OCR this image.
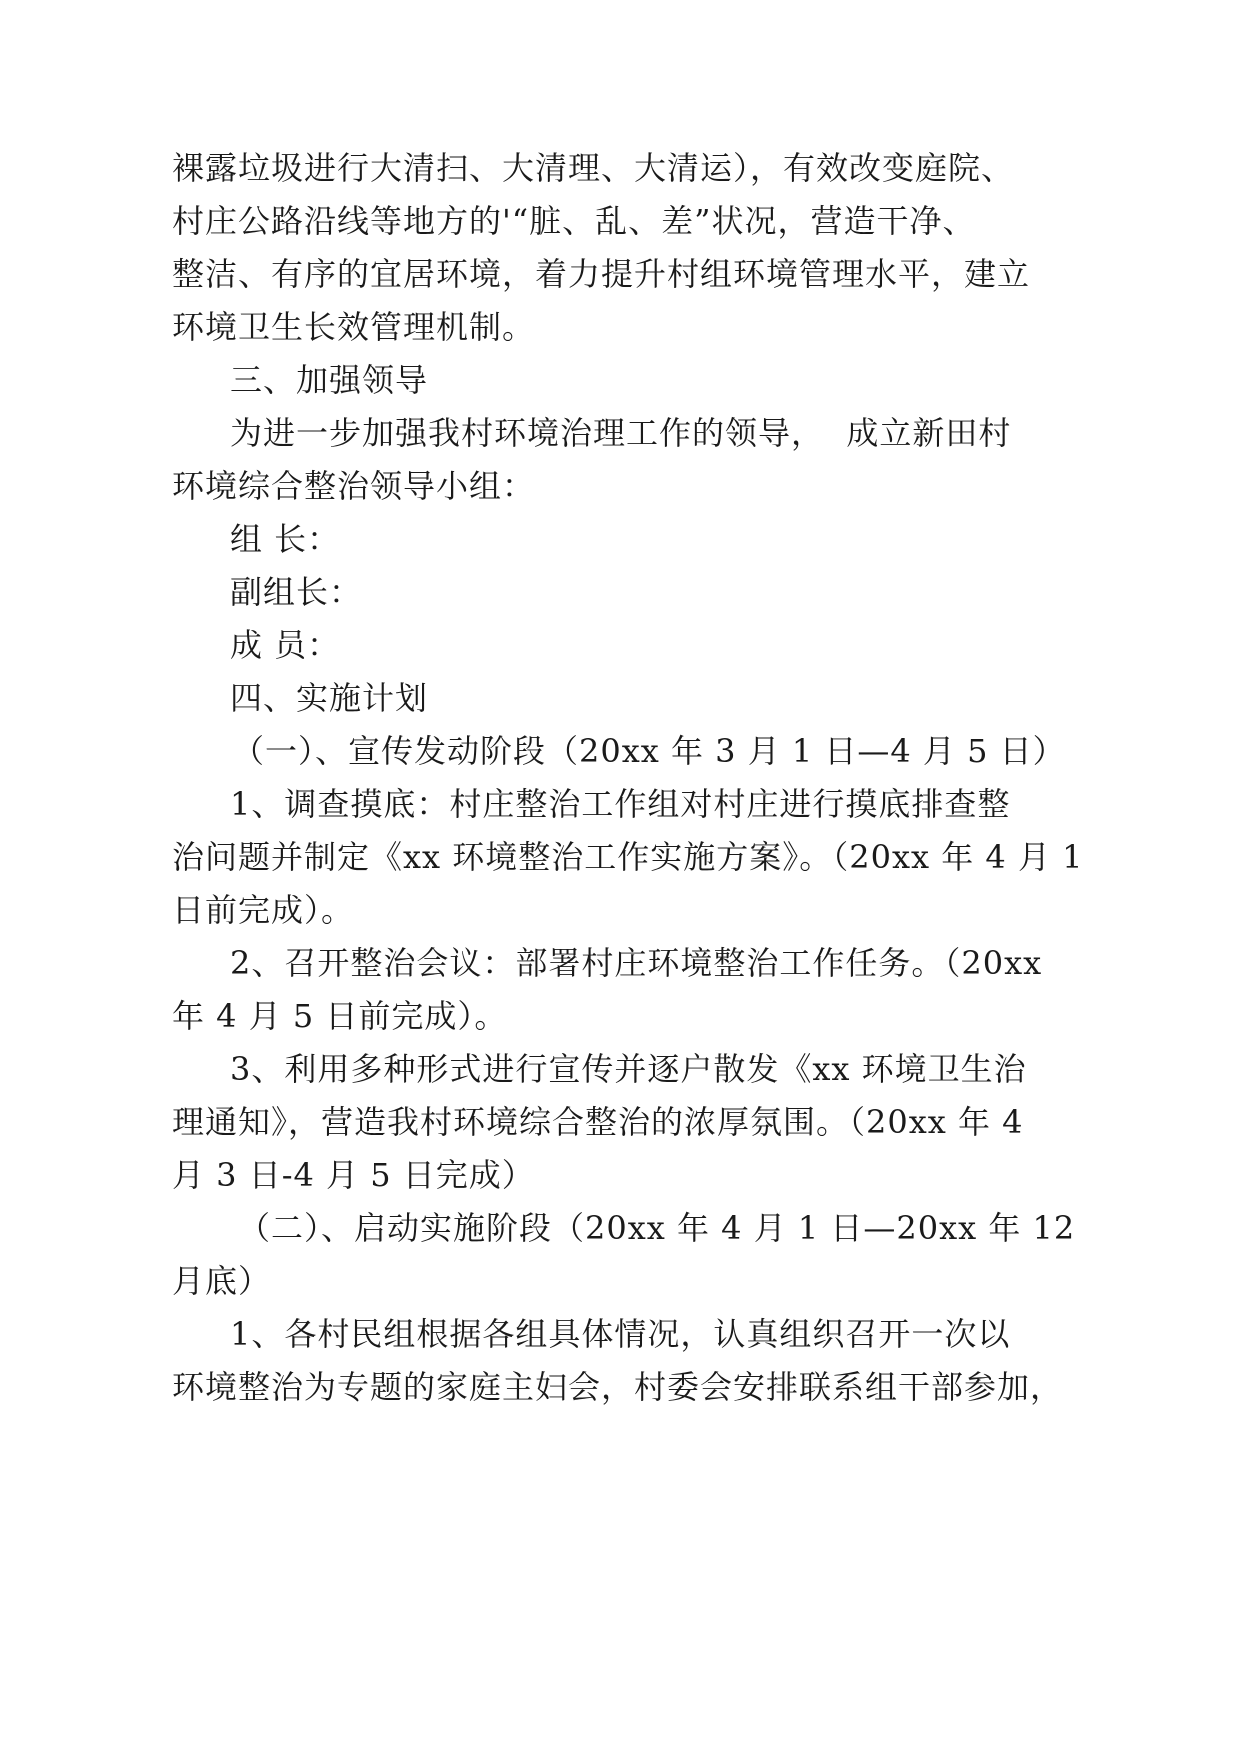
裸露垃圾进行大清扫、大清理、大清运），有效改变庭院、
村庄公路沿线等地方的'“脏、乱、差”状况，营造干净、
整洁、有序的宜居环境，着力提升村组环境管理水平，建立
环境卫生长效管理机制。
三、加强领导
为进一步加强我村环境治理工作的领导，  成立新田村
环境综合整治领导小组：
组 长：
副组长：
成 员：
四、实施计划
（一）、宣传发动阶段（20xx 年 3 月 1 日—4 月 5 日）
1、调查摸底：村庄整治工作组对村庄进行摸底排查整
治问题并制定《xx 环境整治工作实施方案》。（20xx 年 4 月 1
日前完成）。
2、召开整治会议：部署村庄环境整治工作任务。（20xx
年 4 月 5 日前完成）。
3、利用多种形式进行宣传并逐户散发《xx 环境卫生治
理通知》，营造我村环境综合整治的浓厚氛围。（20xx 年 4
月 3 日-4 月 5 日完成）
（二）、启动实施阶段（20xx 年 4 月 1 日—20xx 年 12
月底）
1、各村民组根据各组具体情况，认真组织召开一次以
环境整治为专题的家庭主妇会，村委会安排联系组干部参加，
